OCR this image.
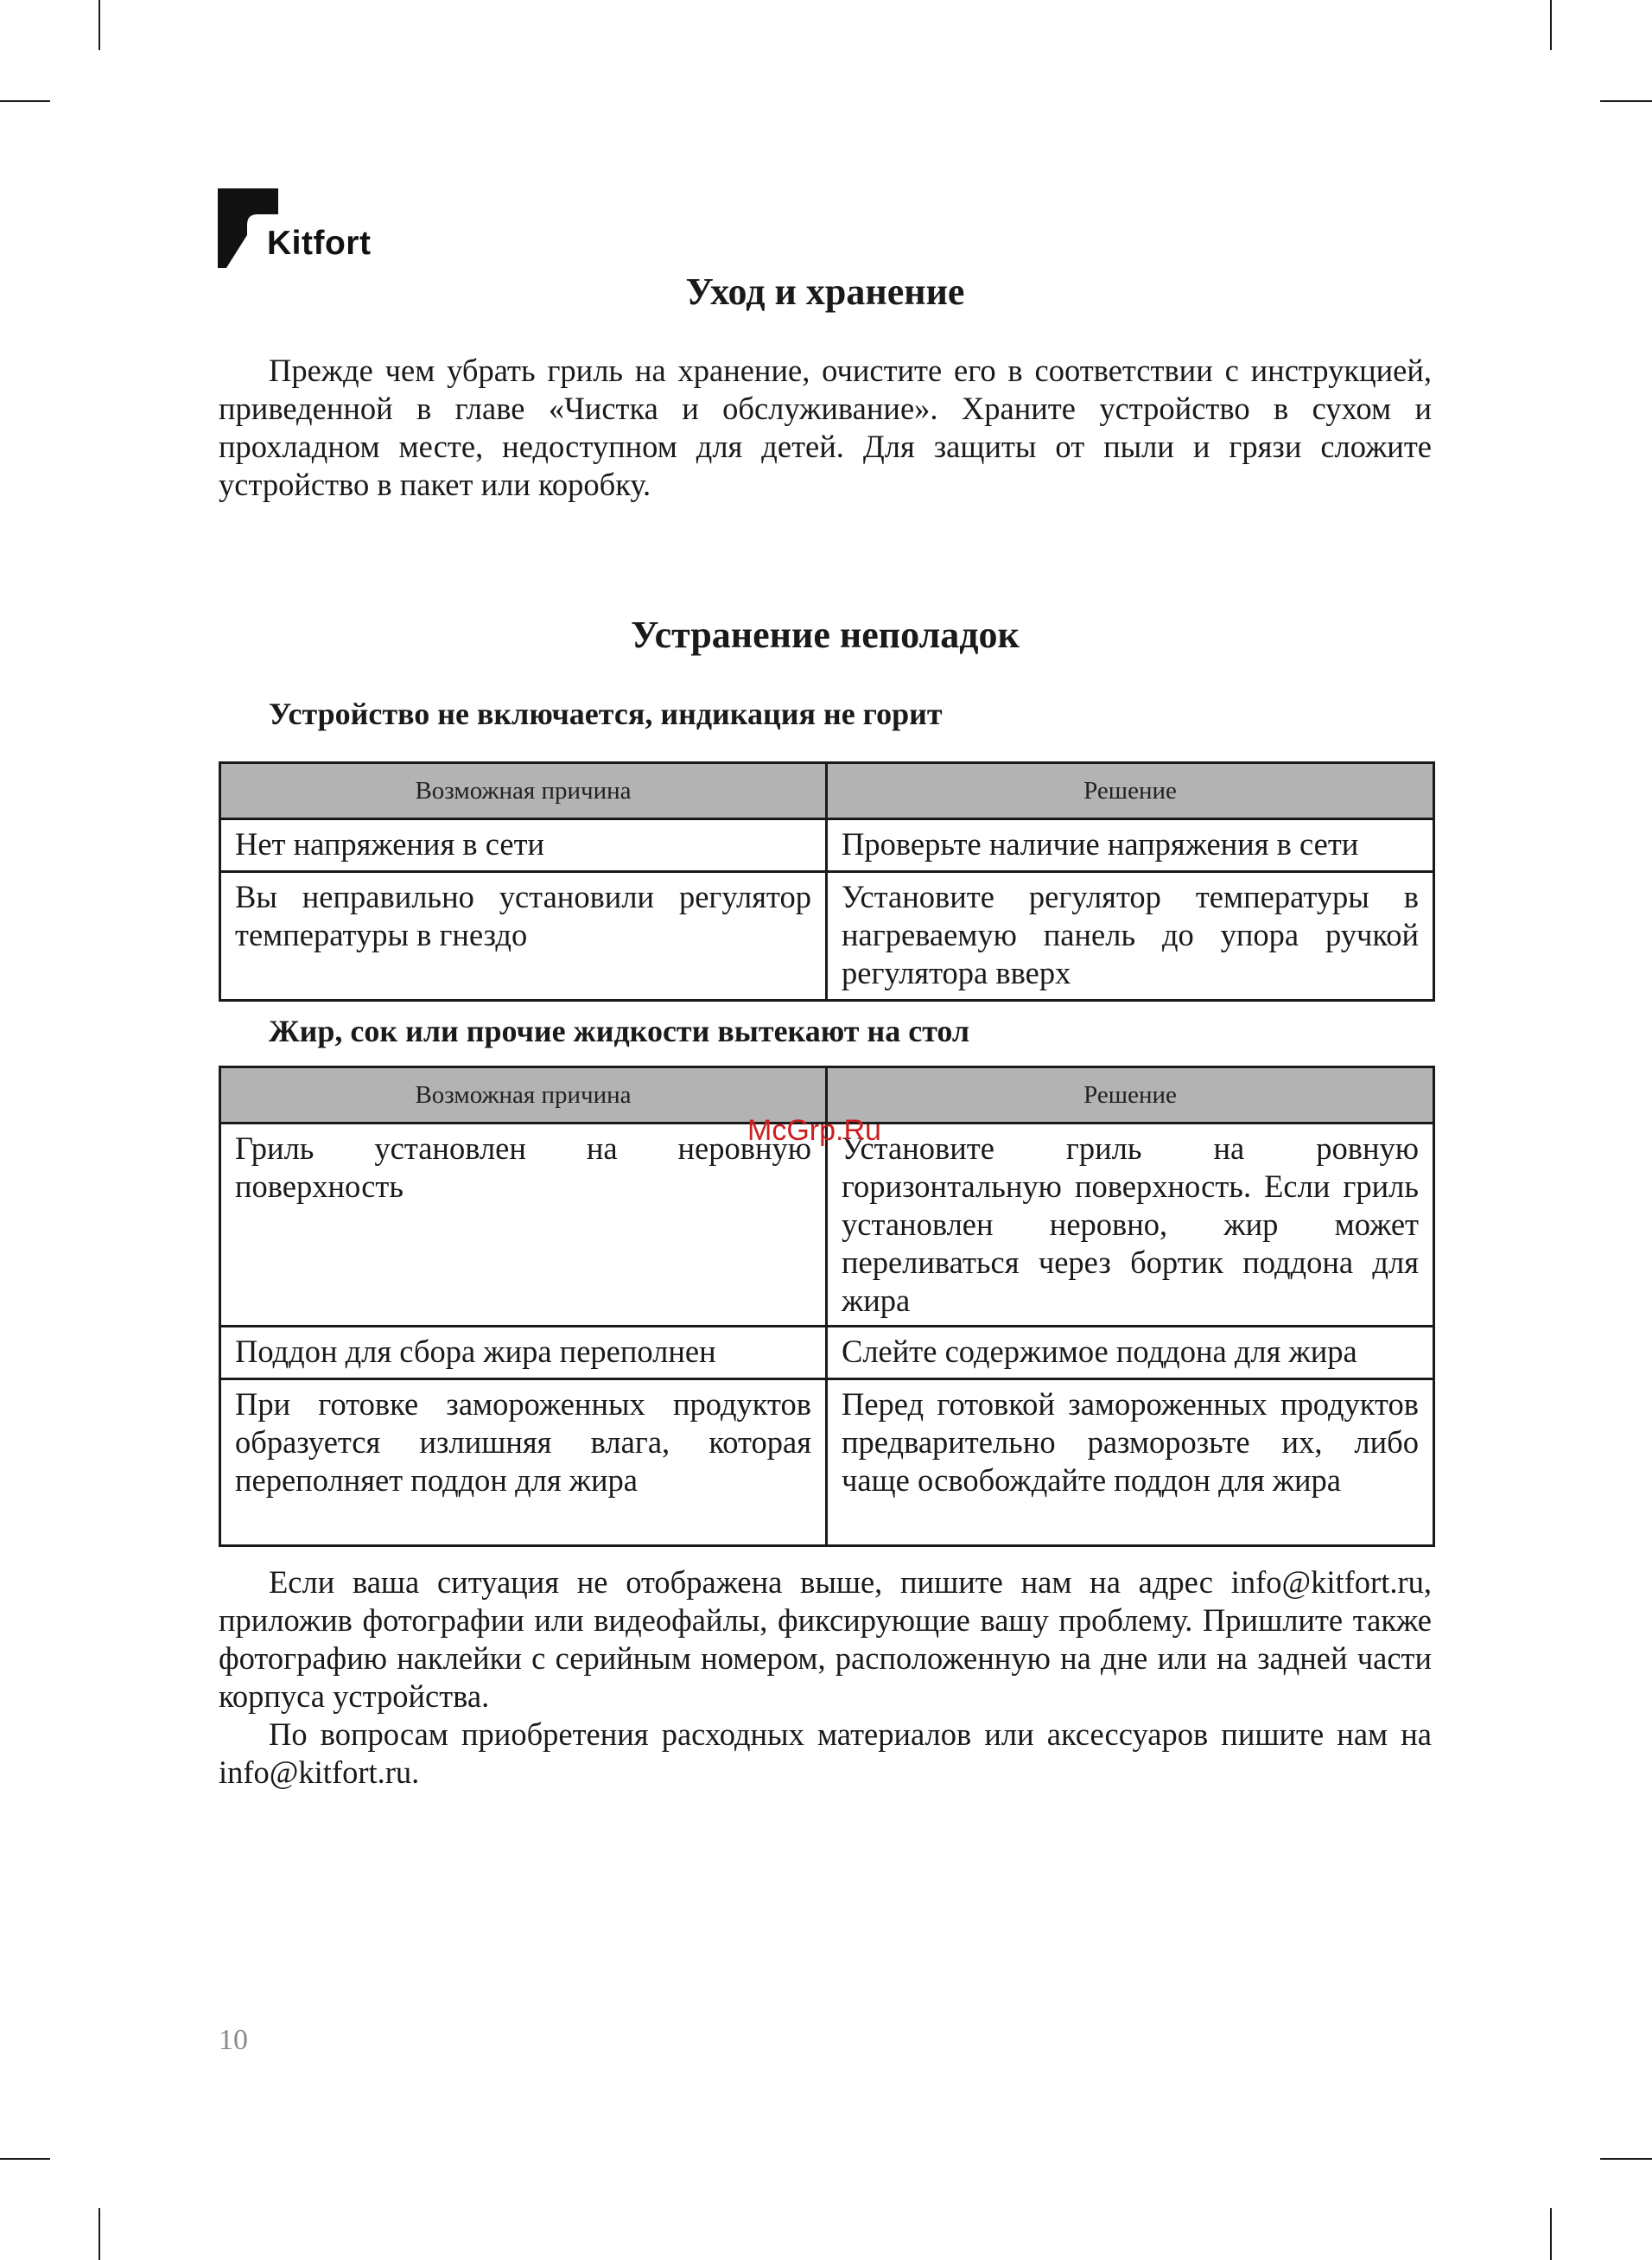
Kitfort
Уход и хранение

Прежде чем убрать гриль на хранение, очистите его в соответствии с инструкцией, приведенной в главе «Чистка и обслуживание». Храните устройство в сухом и прохладном месте, недоступном для детей. Для защиты от пыли и грязи сложите устройство в пакет или коробку.

Устранение неполадок
Устройство не включается, индикация не горит
Возможная причина	Решение
Нет напряжения в сети	Проверьте наличие напряжения в сети
Вы неправильно установили регулятор температуры в гнездо	Установите регулятор температуры в нагреваемую панель до упора ручкой регулятора вверх
Жир, сок или прочие жидкости вытекают на стол
Возможная причина	Решение
Гриль установлен на неровную поверхность	Установите гриль на ровную горизонтальную поверхность. Если гриль установлен неровно, жир может переливаться через бортик поддона для жира
Поддон для сбора жира переполнен	Слейте содержимое поддона для жира
При готовке замороженных продуктов образуется излишняя влага, которая переполняет поддон для жира	Перед готовкой замороженных продуктов предварительно разморозьте их, либо чаще освобождайте поддон для жира

Если ваша ситуация не отображена выше, пишите нам на адрес info@kitfort.ru, приложив фотографии или видеофайлы, фиксирующие вашу проблему. Пришлите также фотографию наклейки с серийным номером, расположенную на дне или на задней части корпуса устройства.

По вопросам приобретения расходных материалов или аксессуаров пишите нам на info@kitfort.ru.

McGrp.Ru
10
